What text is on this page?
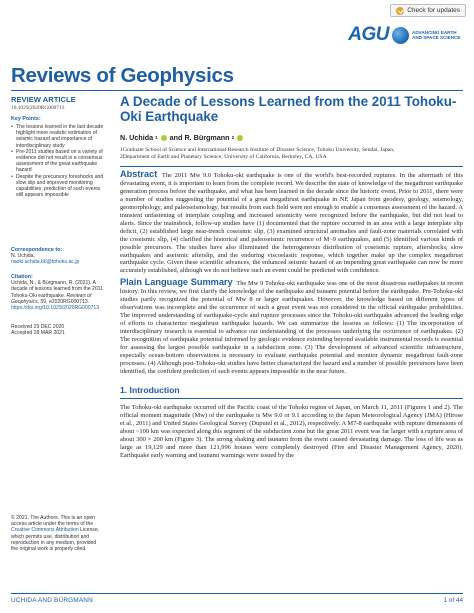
Check for updates
AGU	ADVANCING EARTH AND SPACE SCIENCE
Reviews of Geophysics
REVIEW ARTICLE
10.1029/2020RG000713
Key Points:
• The lessons learned in the last decade highlight more realistic estimation of seismic hazard and importance of interdisciplinary study
• Pre-2011 studies based on a variety of evidence did not result in a consensus assessment of the great earthquake hazard
• Despite the precursory foreshocks and slow slip and improved monitoring capabilities, prediction of such events still appears impossible
Correspondence to:
N. Uchida,
naoki.uchida.b6@tohoku.ac.jp
Citation:
Uchida, N., & Bürgmann, R. (2021). A decade of lessons learned from the 2011 Tohoku-Oki earthquake. Reviews of Geophysics, 59, e2020RG000713. https://doi.org/10.1029/2020RG000713
Received 29 DEC 2020
Accepted 28 MAR 2021
© 2021. The Authors. This is an open access article under the terms of the Creative Commons Attribution License, which permits use, distribution and reproduction in any medium, provided the original work is properly cited.
A Decade of Lessons Learned from the 2011 Tohoku-Oki Earthquake
N. Uchida 1 and R. Bürgmann 2
1Graduate School of Science and International Research Institute of Disaster Science, Tohoku University, Sendai, Japan,
2Department of Earth and Planetary Science, University of California, Berkeley, CA, USA

Abstract The 2011 Mw 9.0 Tohoku-oki earthquake is one of the world's best-recorded ruptures. In the aftermath of this devastating event, it is important to learn from the complete record. We describe the state of knowledge of the megathrust earthquake generation process before the earthquake, and what has been learned in the decade since the historic event. Prior to 2011, there were a number of studies suggesting the potential of a great megathrust earthquake in NE Japan from geodesy, geology, seismology, geomorphology, and paleoseismology, but results from each field were not enough to enable a consensus assessment of the hazard. A transient unfastening of interplate coupling and increased seismicity were recognized before the earthquake, but did not lead to alerts. Since the mainshock, follow-up studies have (1) documented that the rupture occurred in an area with a large interplate slip deficit, (2) established large near-trench coseismic slip, (3) examined structural anomalies and fault-zone materials correlated with the coseismic slip, (4) clarified the historical and paleoseismic recurrence of M~9 earthquakes, and (5) identified various kinds of possible precursors. The studies have also illuminated the heterogeneous distribution of coseismic rupture, aftershocks, slow earthquakes and aseismic afterslip, and the enduring viscoelastic response, which together make up the complex megathrust earthquake cycle. Given these scientific advances, the enhanced seismic hazard of an impending great earthquake can now be more accurately established, although we do not believe such an event could be predicted with confidence.

Plain Language Summary The Mw 9 Tohoku-oki earthquake was one of the most disastrous earthquakes in recent history. In this review, we first clarify the knowledge of the earthquake and tsunami potential before the earthquake. Pre-Tohoku-oki studies partly recognized the potential of Mw 8 or larger earthquakes. However, the knowledge based on different types of observations was incomplete and the occurrence of such a great event was not considered in the official earthquake probabilities. The improved understanding of earthquake-cycle and rupture processes since the Tohoku-oki earthquake advanced the leading edge of efforts to characterize megathrust earthquake hazards. We can summarize the lessons as follows: (1) The incorporation of interdisciplinary research is essential to advance our understanding of the processes underlying the occurrence of earthquakes. (2) The recognition of earthquake potential informed by geologic evidence extending beyond available instrumental records is essential for assessing the largest possible earthquake in a subduction zone. (3) The development of advanced scientific infrastructure, especially ocean-bottom observations is necessary to evaluate earthquake potential and monitor dynamic megathrust fault-zone processes. (4) Although post-Tohoku-oki studies have better characterized the hazard and a number of possible precursors have been identified, the confident prediction of such events appears impossible in the near future.

1. Introduction

The Tohoku-oki earthquake occurred off the Pacific coast of the Tohoku region of Japan, on March 11, 2011 (Figures 1 and 2). The official moment magnitude (Mw) of the earthquake is Mw 9.0 or 9.1 according to the Japan Meteorological Agency (JMA) (Hirose et al., 2011) and United States Geological Survey (Duputel et al., 2012), respectively. A M7-8 earthquake with rupture dimensions of about ~100 km was expected along this segment of the subduction zone but the great 2011 event was far larger with a rupture area of about 300 × 200 km (Figure 3). The strong shaking and tsunami from the event caused devastating damage. The loss of life was as large as 19,129 and more than 121,996 houses were completely destroyed (Fire and Disaster Management Agency, 2020). Earthquake early warning and tsunami warnings were issued by the

UCHIDA AND BÜRGMANN	1 of 44
